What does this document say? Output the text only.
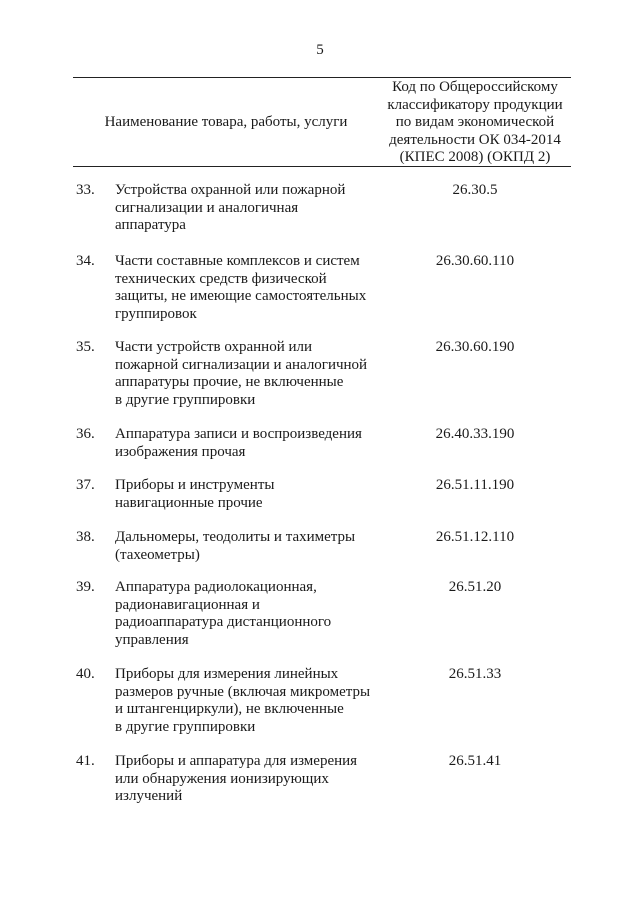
5
Наименование товара, работы, услуги
Код по Общероссийскому
классификатору продукции
по видам экономической
деятельности ОК 034-2014
(КПЕС 2008) (ОКПД 2)
33. Устройства охранной или пожарной
сигнализации и аналогичная
аппаратура
26.30.5
34. Части составные комплексов и систем
технических средств физической
защиты, не имеющие самостоятельных
группировок
26.30.60.110
35. Части устройств охранной или
пожарной сигнализации и аналогичной
аппаратуры прочие, не включенные
в другие группировки
26.30.60.190
36. Аппаратура записи и воспроизведения
изображения прочая
26.40.33.190
37. Приборы и инструменты
навигационные прочие
26.51.11.190
38. Дальномеры, теодолиты и тахиметры
(тахеометры)
26.51.12.110
39. Аппаратура радиолокационная,
радионавигационная и
радиоаппаратура дистанционного
управления
26.51.20
40. Приборы для измерения линейных
размеров ручные (включая микрометры
и штангенциркули), не включенные
в другие группировки
26.51.33
41. Приборы и аппаратура для измерения
или обнаружения ионизирующих
излучений
26.51.41
